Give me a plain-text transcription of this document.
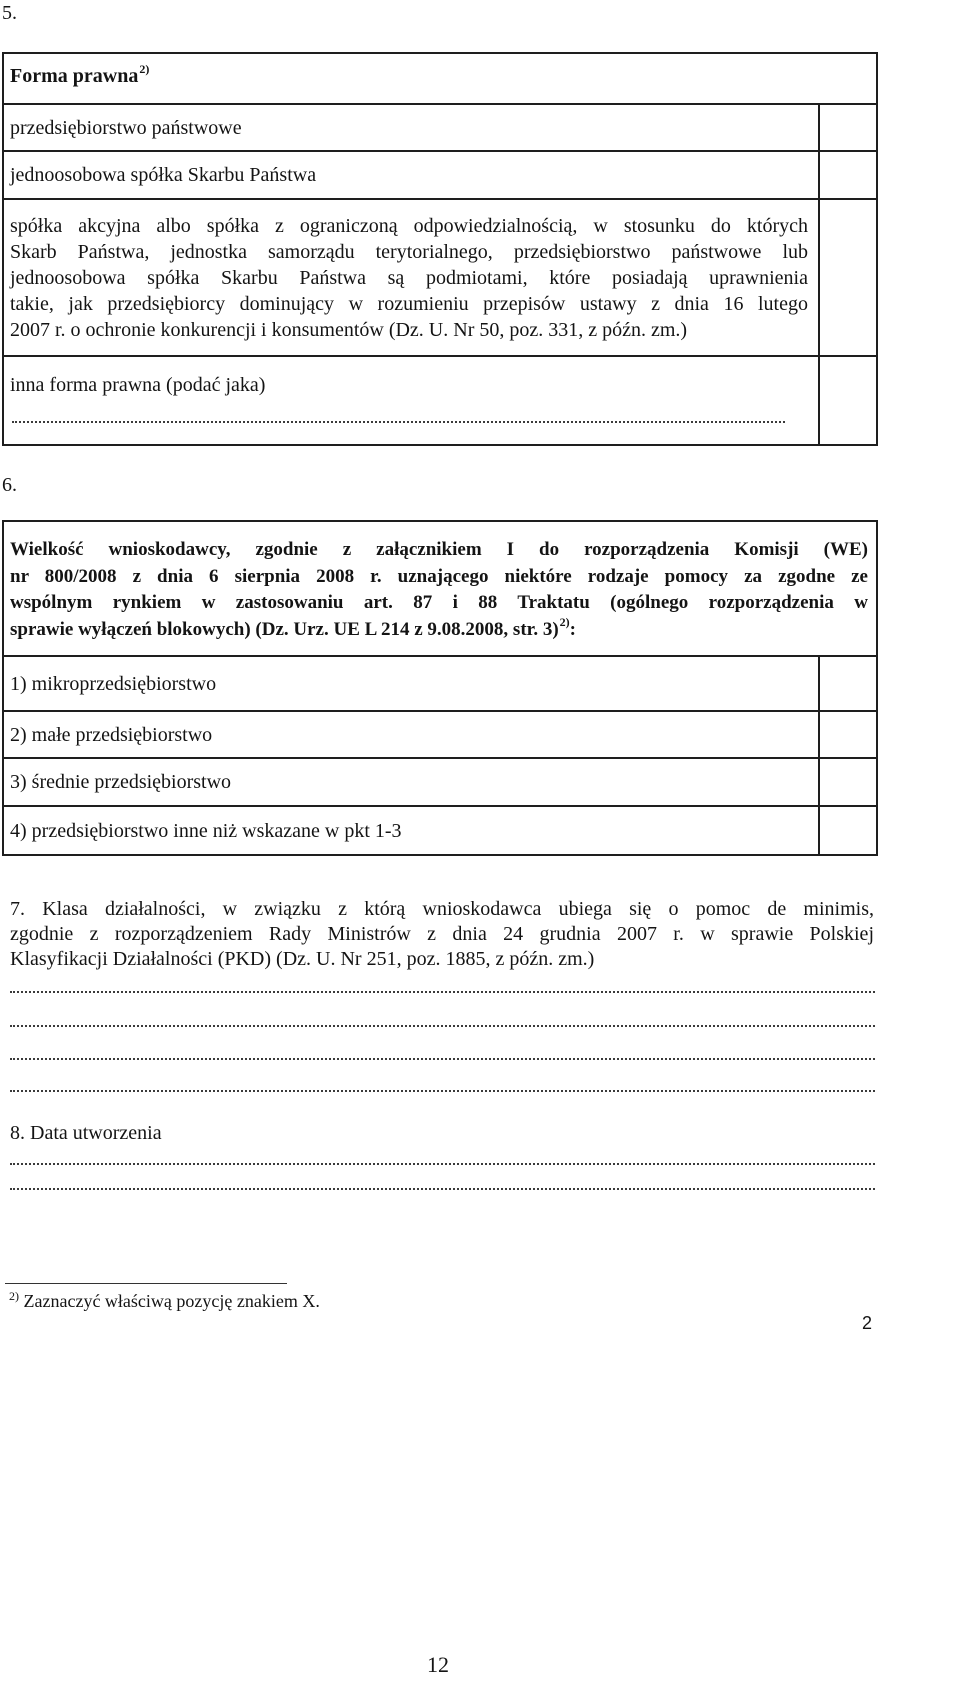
5.
Forma prawna$^{2)}$
przedsiębiorstwo państwowe
jednoosobowa spółka Skarbu Państwa
spółka akcyjna albo spółka z ograniczoną odpowiedzialnością, w stosunku do których
Skarb Państwa, jednostka samorządu terytorialnego, przedsiębiorstwo państwowe lub
jednoosobowa spółka Skarbu Państwa są podmiotami, które posiadają uprawnienia
takie, jak przedsiębiorcy dominujący w rozumieniu przepisów ustawy z dnia 16 lutego
2007 r. o ochronie konkurencji i konsumentów (Dz. U. Nr 50, poz. 331, z późn. zm.)
inna forma prawna (podać jaka)
6.
Wielkość wnioskodawcy, zgodnie z załącznikiem I do rozporządzenia Komisji (WE)
nr 800/2008 z dnia 6 sierpnia 2008 r. uznającego niektóre rodzaje pomocy za zgodne ze
wspólnym rynkiem w zastosowaniu art. 87 i 88 Traktatu (ogólnego rozporządzenia w
sprawie wyłączeń blokowych) (Dz. Urz. UE L 214 z 9.08.2008, str. 3)$^{2)}$:
1) mikroprzedsiębiorstwo
2) małe przedsiębiorstwo
3) średnie przedsiębiorstwo
4) przedsiębiorstwo inne niż wskazane w pkt 1-3
7. Klasa działalności, w związku z którą wnioskodawca ubiega się o pomoc de minimis,
zgodnie z rozporządzeniem Rady Ministrów z dnia 24 grudnia 2007 r. w sprawie Polskiej
Klasyfikacji Działalności (PKD) (Dz. U. Nr 251, poz. 1885, z późn. zm.)
8. Data utworzenia
$^{2)}$ Zaznaczyć właściwą pozycję znakiem X.
2
12
